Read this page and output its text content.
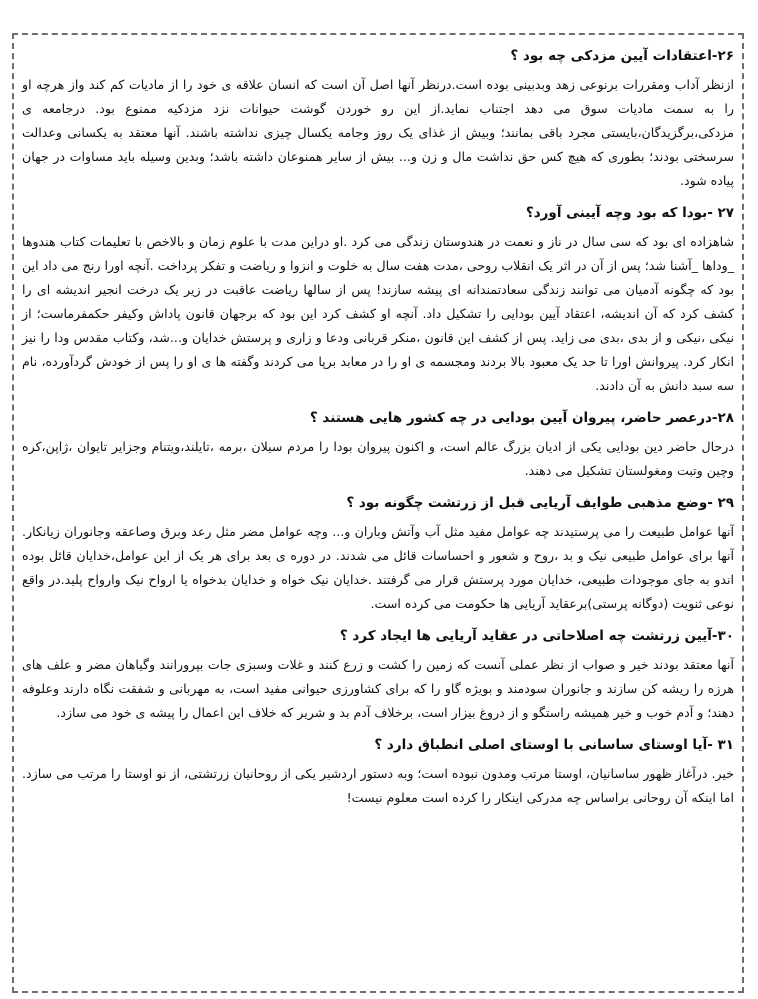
۲۶-اعتقادات آیین مزدکی چه بود ؟
ازنظر آداب ومقررات برنوعی زهد وبدبینی بوده است.درنظر آنها اصل آن است که انسان علاقه ی خود را از مادیات کم کند واز هرچه او را به سمت مادیات سوق می دهد اجتناب نماید.از این رو خوردن گوشت حیوانات نزد مزدکیه ممنوع بود. درجامعه ی مزدکی،برگزیدگان،بایستی مجرد باقی بمانند؛ وبیش از غذای یک روز وجامه یکسال چیزی نداشته باشند. آنها معتقد به یکسانی وعدالت سرسختی بودند؛ بطوری که هیچ کس حق نداشت مال و زن و... بیش از سایر همنوعان داشته باشد؛ وبدین وسیله باید مساوات در جهان پیاده شود.
۲۷ -بودا که بود وچه آیینی آورد؟
شاهزاده ای بود که سی سال در ناز و نعمت در هندوستان زندگی می کرد .او دراین مدت با علوم زمان و بالاخص با تعلیمات کتاب هندوها _وداها _آشنا شد؛ پس از آن در اثر یک انقلاب روحی ،مدت هفت سال به خلوت و انزوا و ریاضت و تفکر پرداخت .آنچه اورا رنج می داد این بود که چگونه آدمیان می توانند زندگی سعادتمندانه ای پیشه سازند! پس از سالها ریاضت عاقبت در زیر یک درخت انجیر اندیشه ای را کشف کرد که آن اندیشه، اعتقاد آیین بودایی را تشکیل داد. آنچه او کشف کرد این بود که برجهان قانون پاداش وکیفر حکمفرماست؛ از نیکی ،نیکی و از بدی ،بدی می زاید. پس از کشف این قانون ،منکر قربانی ودعا و زاری و پرستش خدایان و...شد، وکتاب مقدس ودا را نیز انکار کرد. پیروانش اورا تا حد یک معبود بالا بردند ومجسمه ی او را در معابد برپا می کردند وگفته ها ی او را پس از خودش گردآورده، نام سه سبد دانش به آن دادند.
۲۸-درعصر حاضر، پیروان آیین بودایی در چه کشور هایی هستند ؟
درحال حاضر دین بودایی یکی از ادیان بزرگ عالم است، و اکنون پیروان بودا را مردم سیلان ،برمه ،تایلند،ویتنام وجزایر تایوان ،ژاپن،کره وچین وتبت ومغولستان تشکیل می دهند.
۲۹ -وضع مذهبی طوایف آریایی قبل از زرتشت چگونه بود ؟
آنها عوامل طبیعت را می پرستیدند چه عوامل مفید مثل آب وآتش وباران و... وچه عوامل مضر مثل رعد وبرق وصاعقه وجانوران زیانکار. آنها برای عوامل طبیعی نیک و بد ،روح و شعور و احساسات قائل می شدند. در دوره ی بعد برای هر یک از این عوامل،خدایان قائل بوده اندو به جای موجودات طبیعی، خدایان مورد پرستش قرار می گرفتند .خدایان نیک خواه و خدایان بدخواه یا ارواح نیک وارواح پلید.در واقع نوعی ثنویت (دوگانه پرستی)برعقاید آریایی ها حکومت می کرده است.
۳۰-آیین زرتشت چه اصلاحاتی در عقاید آریایی ها ایجاد کرد ؟
آنها معتقد بودند خیر و صواب از نظر عملی آنست که زمین را کشت و زرع کنند و غلات وسبزی جات بپرورانند وگیاهان مضر و علف های هرزه را ریشه کن سازند و جانوران سودمند و بویژه گاو را که برای کشاورزی حیوانی مفید است، به مهربانی و شفقت نگاه دارند وعلوفه دهند؛ و آدم خوب و خیر همیشه راستگو و از دروغ بیزار است، برخلاف آدم بد و شریر که خلاف این اعمال را پیشه ی خود می سازد.
۳۱ -آیا اوستای ساسانی با اوستای اصلی انطباق دارد ؟
خیر. درآغاز ظهور ساسانیان، اوستا مرتب ومدون نبوده است؛ وبه دستور اردشیر یکی از روحانیان زرتشتی، از نو اوستا را مرتب می سازد. اما اینکه آن روحانی براساس چه مدرکی اینکار را کرده است معلوم نیست!
